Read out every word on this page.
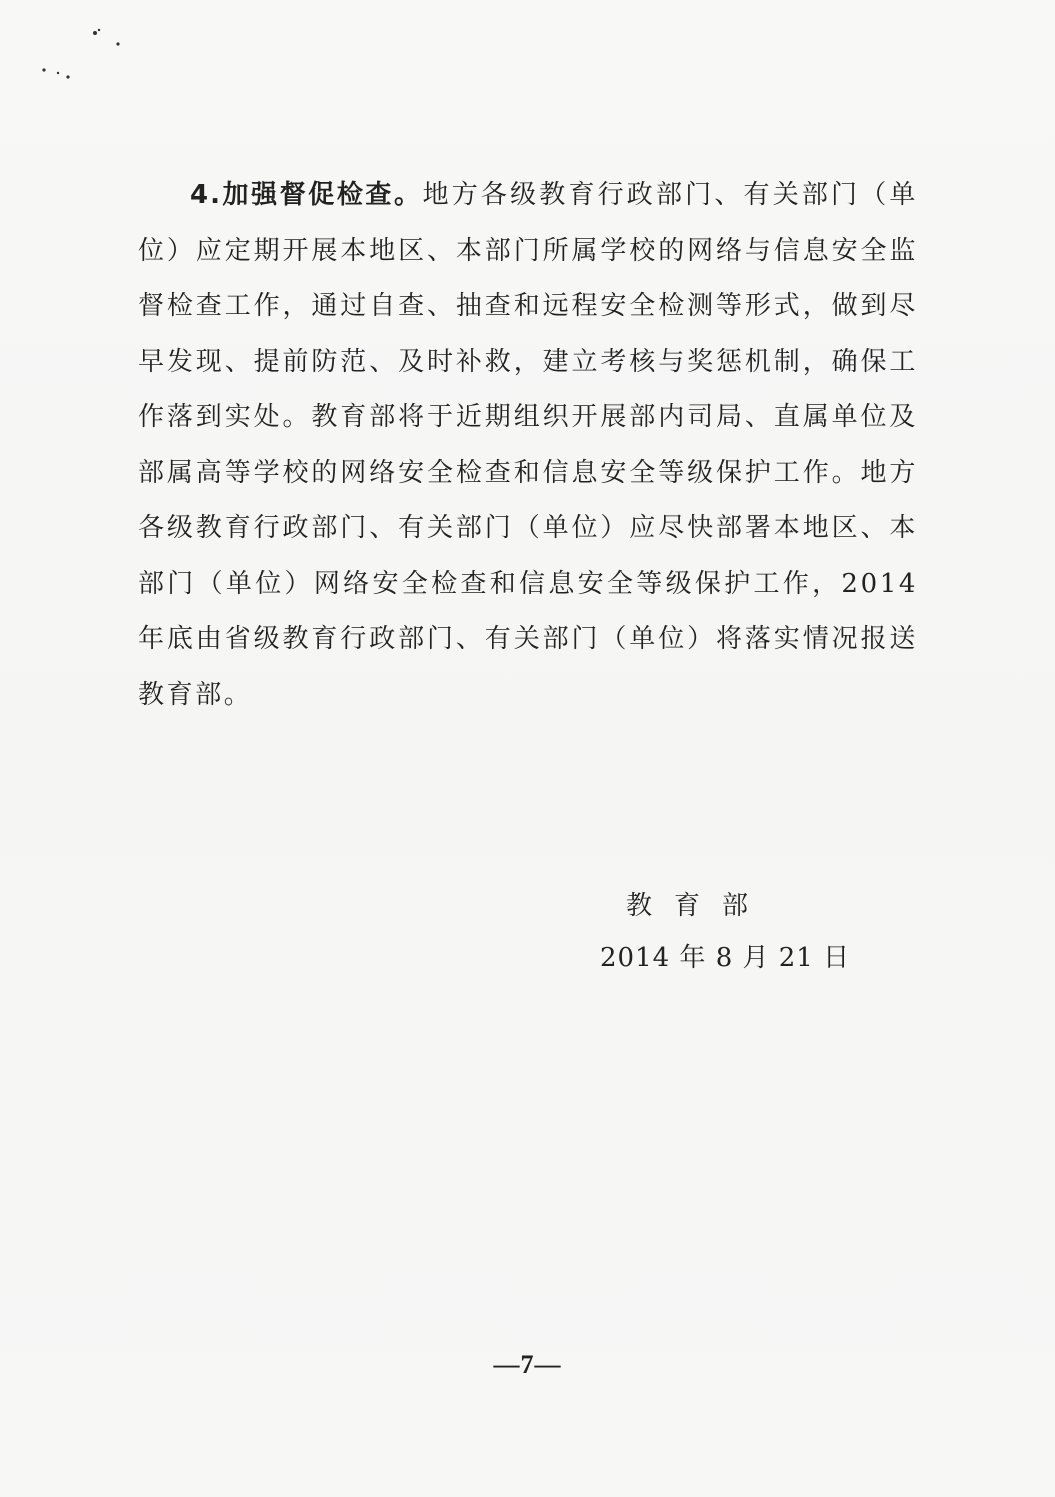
4.加强督促检查。地方各级教育行政部门、有关部门（单位）应定期开展本地区、本部门所属学校的网络与信息安全监督检查工作，通过自查、抽查和远程安全检测等形式，做到尽早发现、提前防范、及时补救，建立考核与奖惩机制，确保工作落到实处。教育部将于近期组织开展部内司局、直属单位及部属高等学校的网络安全检查和信息安全等级保护工作。地方各级教育行政部门、有关部门（单位）应尽快部署本地区、本部门（单位）网络安全检查和信息安全等级保护工作，2014 年底由省级教育行政部门、有关部门（单位）将落实情况报送教育部。

教育部
2014 年 8 月 21 日
—7—
